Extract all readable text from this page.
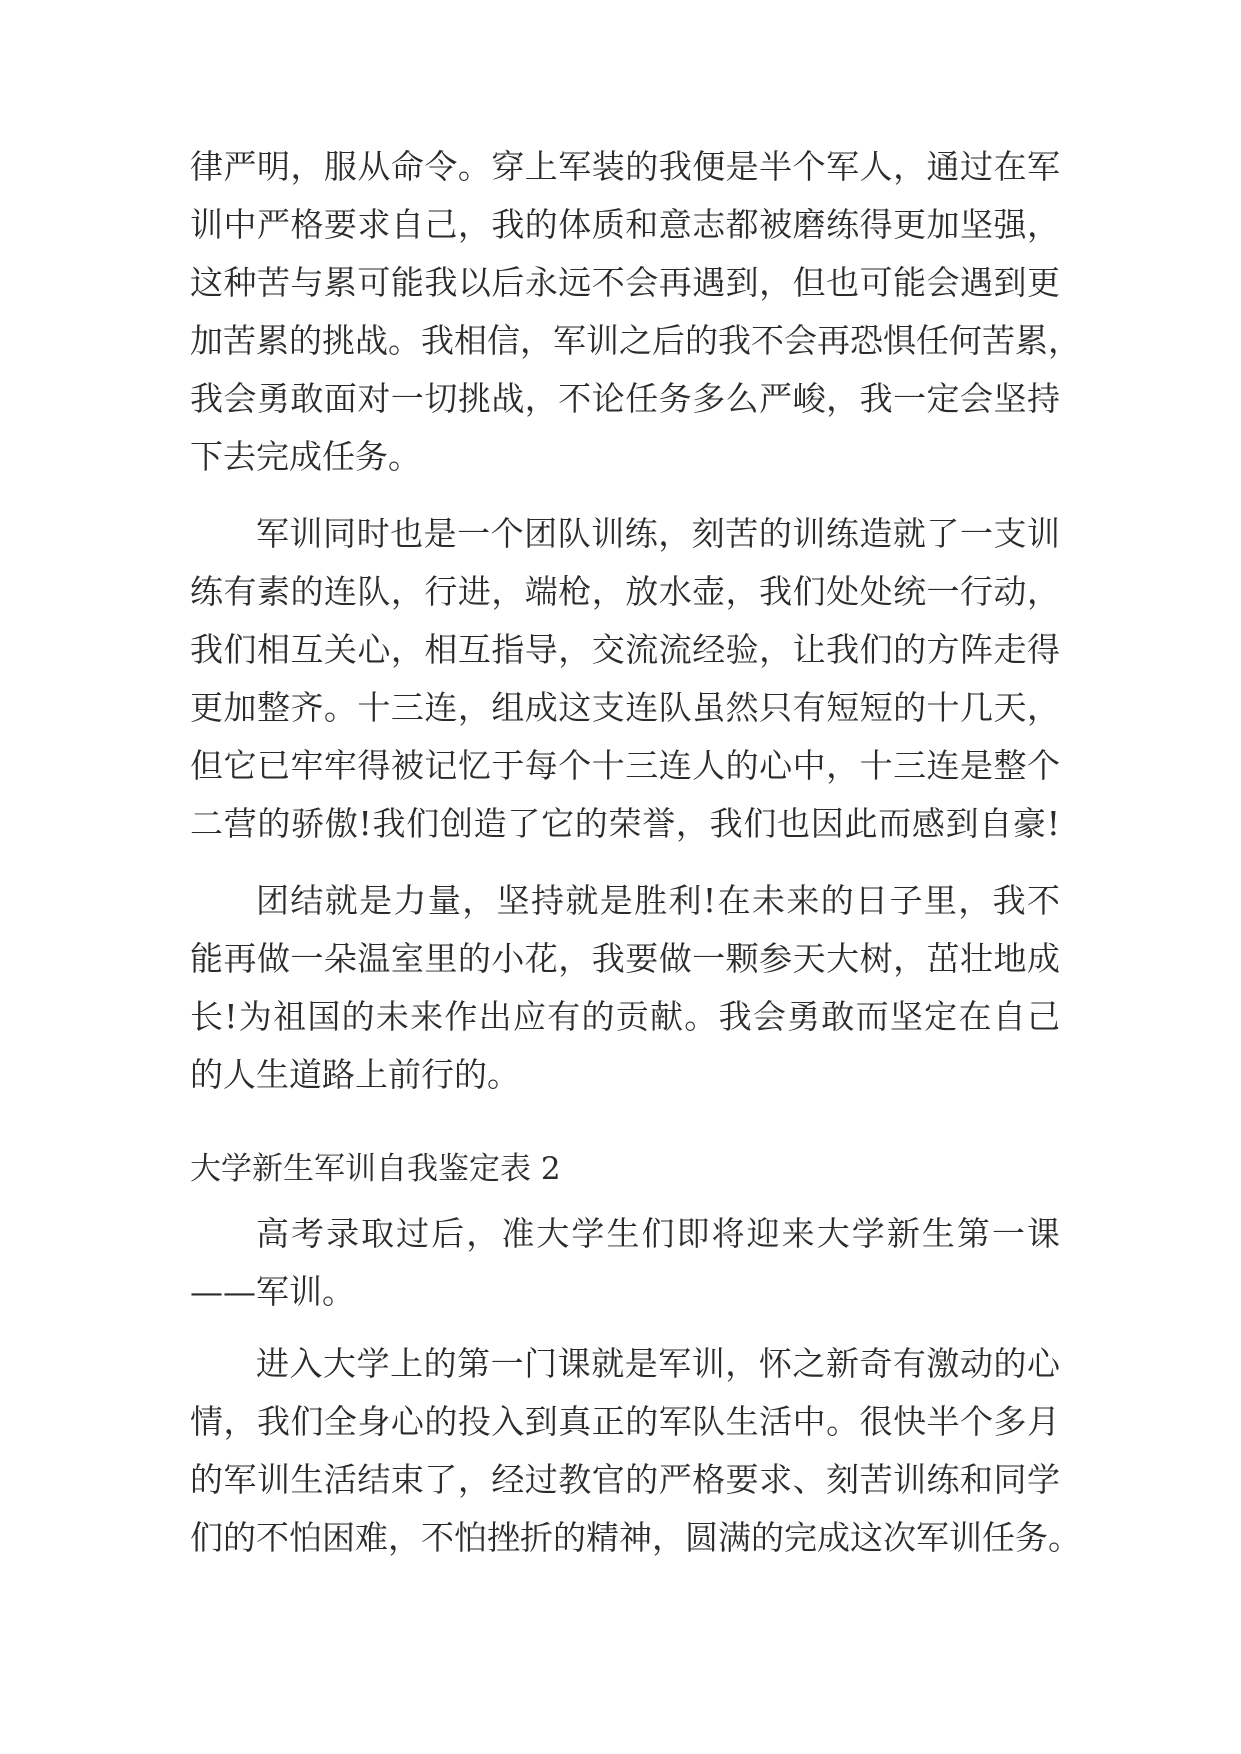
律严明，服从命令。穿上军装的我便是半个军人，通过在军
训中严格要求自己，我的体质和意志都被磨练得更加坚强，
这种苦与累可能我以后永远不会再遇到，但也可能会遇到更
加苦累的挑战。我相信，军训之后的我不会再恐惧任何苦累，
我会勇敢面对一切挑战，不论任务多么严峻，我一定会坚持
下去完成任务。
军训同时也是一个团队训练，刻苦的训练造就了一支训
练有素的连队，行进，端枪，放水壶，我们处处统一行动，
我们相互关心，相互指导，交流流经验，让我们的方阵走得
更加整齐。十三连，组成这支连队虽然只有短短的十几天，
但它已牢牢得被记忆于每个十三连人的心中，十三连是整个
二营的骄傲!我们创造了它的荣誉，我们也因此而感到自豪!
团结就是力量，坚持就是胜利!在未来的日子里，我不
能再做一朵温室里的小花，我要做一颗参天大树，茁壮地成
长!为祖国的未来作出应有的贡献。我会勇敢而坚定在自己
的人生道路上前行的。
大学新生军训自我鉴定表 2
高考录取过后，准大学生们即将迎来大学新生第一课
——军训。
进入大学上的第一门课就是军训，怀之新奇有激动的心
情，我们全身心的投入到真正的军队生活中。很快半个多月
的军训生活结束了，经过教官的严格要求、刻苦训练和同学
们的不怕困难，不怕挫折的精神，圆满的完成这次军训任务。
